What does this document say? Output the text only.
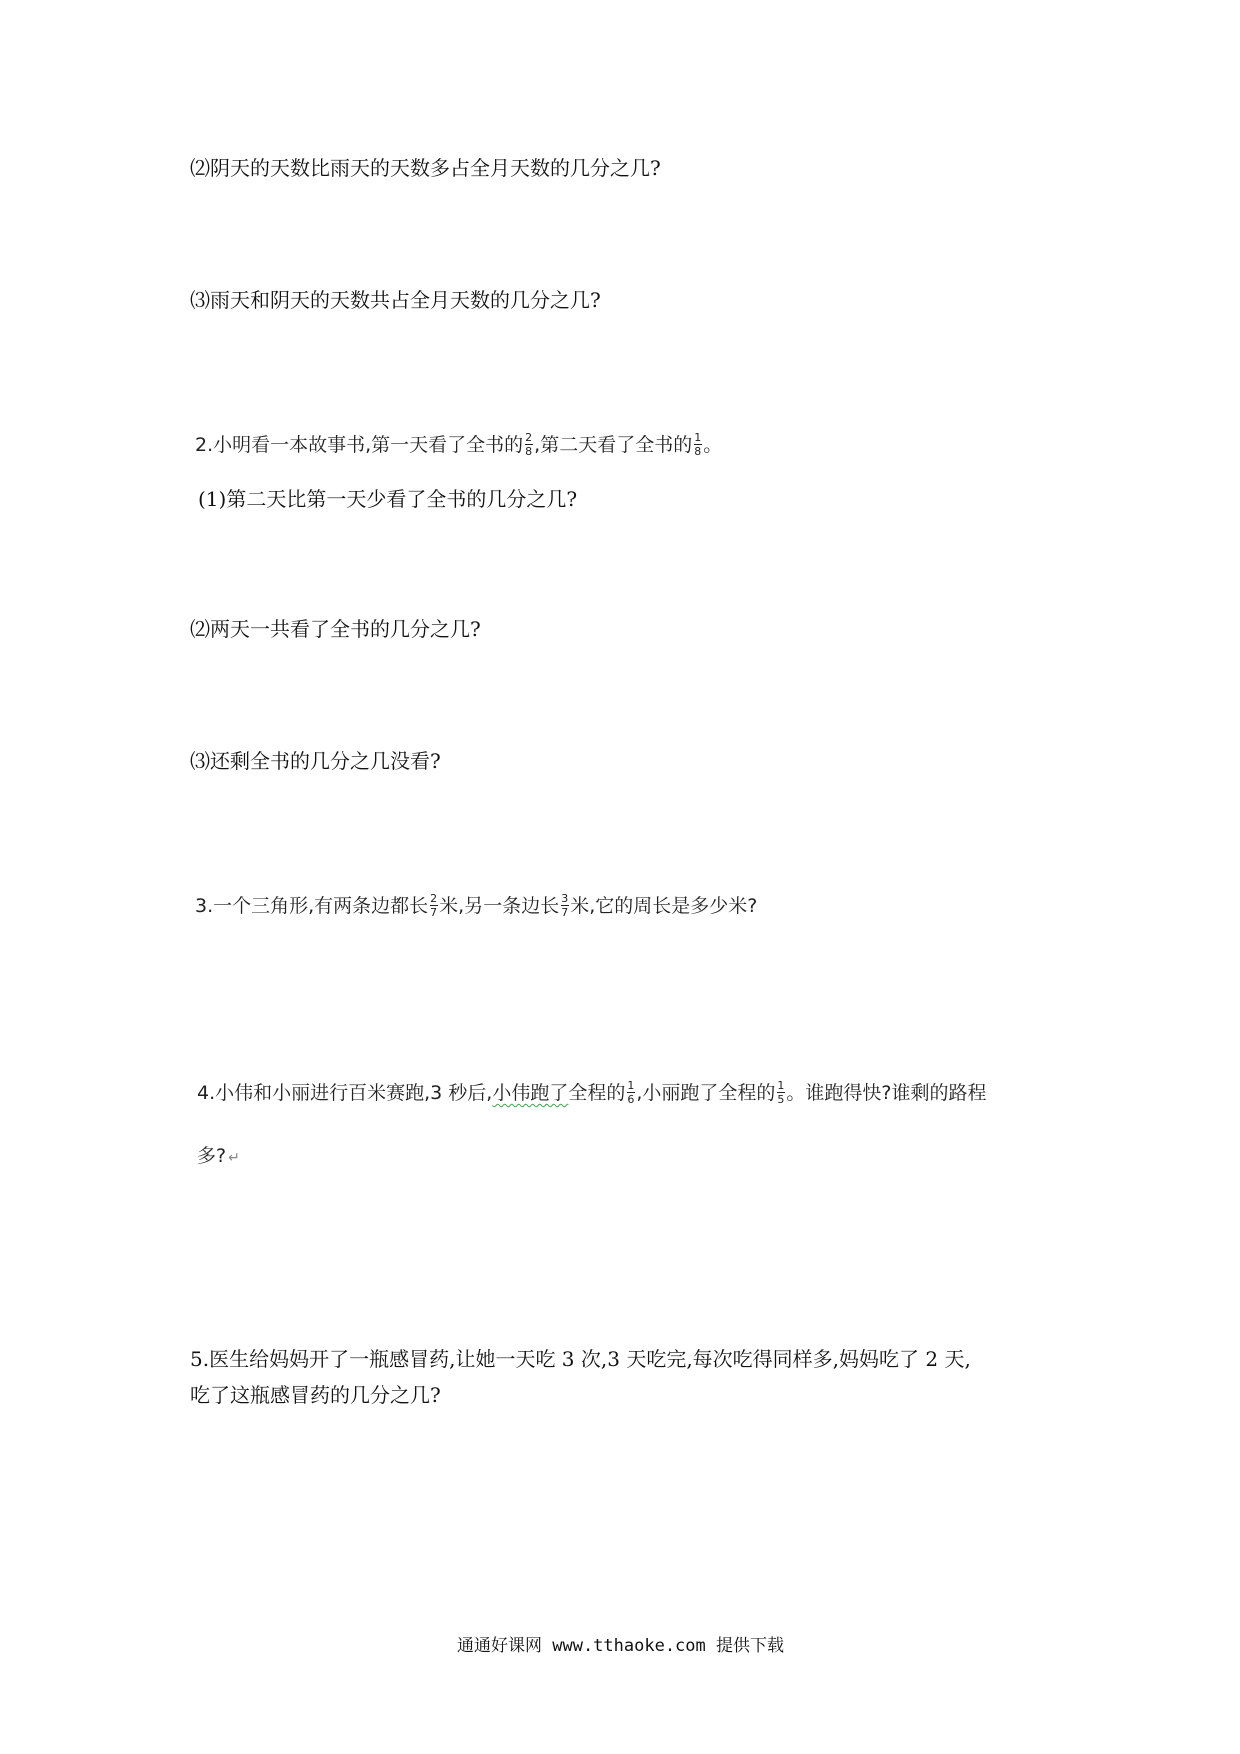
⑵阴天的天数比雨天的天数多占全月天数的几分之几?
⑶雨天和阴天的天数共占全月天数的几分之几?
2.小明看一本故事书,第一天看了全书的 $\frac{2}{8}$ ,第二天看了全书的 $\frac{1}{8}$ 。
(1)第二天比第一天少看了全书的几分之几?
⑵两天一共看了全书的几分之几?
⑶还剩全书的几分之几没看?
3.一个三角形,有两条边都长 $\frac{2}{7}$ 米,另一条边长 $\frac{3}{7}$ 米,它的周长是多少米?
4.小伟和小丽进行百米赛跑,3 秒后,小伟跑了全程的 $\frac{1}{6}$ ,小丽跑了全程的 $\frac{1}{5}$ 。谁跑得快?谁剩的路程
多? ↵
5.医生给妈妈开了一瓶感冒药,让她一天吃 3 次,3 天吃完,每次吃得同样多,妈妈吃了 2 天,
吃了这瓶感冒药的几分之几?
通通好课网 www.tthaoke.com 提供下载
